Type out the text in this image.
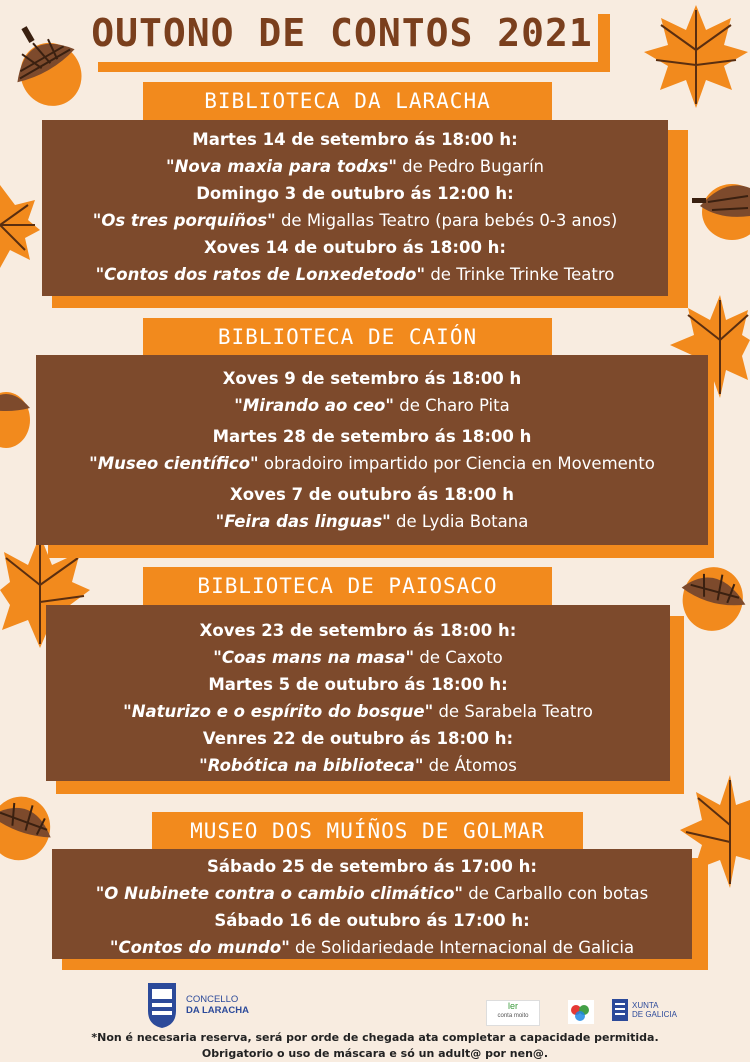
OUTONO DE CONTOS 2021
BIBLIOTECA DA LARACHA
Martes 14 de setembro ás 18:00 h:
"Nova maxia para todxs" de Pedro Bugarín
Domingo 3 de outubro ás 12:00 h:
"Os tres porquiños" de Migallas Teatro (para bebés 0-3 anos)
Xoves 14 de outubro ás 18:00 h:
"Contos dos ratos de Lonxedetodo" de Trinke Trinke Teatro
BIBLIOTECA DE CAIÓN
Xoves 9 de setembro ás 18:00 h
"Mirando ao ceo" de Charo Pita
Martes 28 de setembro ás 18:00 h
"Museo científico" obradoiro impartido por Ciencia en Movemento
Xoves 7 de outubro ás 18:00 h
"Feira das linguas" de Lydia Botana
BIBLIOTECA DE PAIOSACO
Xoves 23 de setembro ás 18:00 h:
"Coas mans na masa" de Caxoto
Martes 5 de outubro ás 18:00 h:
"Naturizo e o espírito do bosque" de Sarabela Teatro
Venres 22 de outubro ás 18:00 h:
"Robótica na biblioteca" de Átomos
MUSEO DOS MUÍÑOS DE GOLMAR
Sábado 25 de setembro ás 17:00 h:
"O Nubinete contra o cambio climático" de Carballo con botas
Sábado 16 de outubro ás 17:00 h:
"Contos do mundo" de Solidariedade Internacional de Galicia
CONCELLO
DA LARACHA	ler
conta moito
XUNTA
DE GALICIA
*Non é necesaria reserva, será por orde de chegada ata completar a capacidade permitida.
Obrigatorio o uso de máscara e só un adult@ por nen@.
